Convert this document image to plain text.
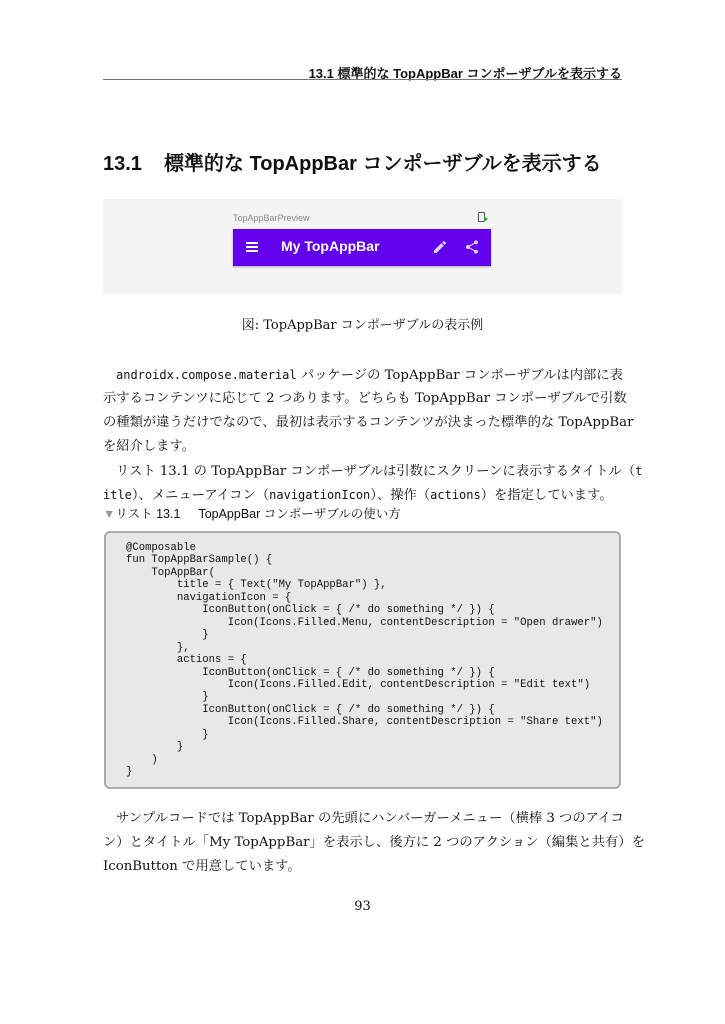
13.1 標準的な TopAppBar コンポーザブルを表示する
13.1 標準的な TopAppBar コンポーザブルを表示する
TopAppBarPreview
My TopAppBar
図: TopAppBar コンポーザブルの表示例
androidx.compose.material パッケージの TopAppBar コンポーザブルは内部に表
示するコンテンツに応じて 2 つあります。どちらも TopAppBar コンポーザブルで引数
の種類が違うだけでなので、最初は表示するコンテンツが決まった標準的な TopAppBar
を紹介します。
リスト 13.1 の TopAppBar コンポーザブルは引数にスクリーンに表示するタイトル（t
itle）、メニューアイコン（navigationIcon）、操作（actions）を指定しています。
▼リスト 13.1 TopAppBar コンポーザブルの使い方
@Composable
fun TopAppBarSample() {
TopAppBar(
title = { Text("My TopAppBar") },
navigationIcon = {
IconButton(onClick = { /* do something */ }) {
Icon(Icons.Filled.Menu, contentDescription = "Open drawer")
}
},
actions = {
IconButton(onClick = { /* do something */ }) {
Icon(Icons.Filled.Edit, contentDescription = "Edit text")
}
IconButton(onClick = { /* do something */ }) {
Icon(Icons.Filled.Share, contentDescription = "Share text")
}
}
)
}
サンプルコードでは TopAppBar の先頭にハンバーガーメニュー（横棒 3 つのアイコ
ン）とタイトル「My TopAppBar」を表示し、後方に 2 つのアクション（編集と共有）を
IconButton で用意しています。
93
